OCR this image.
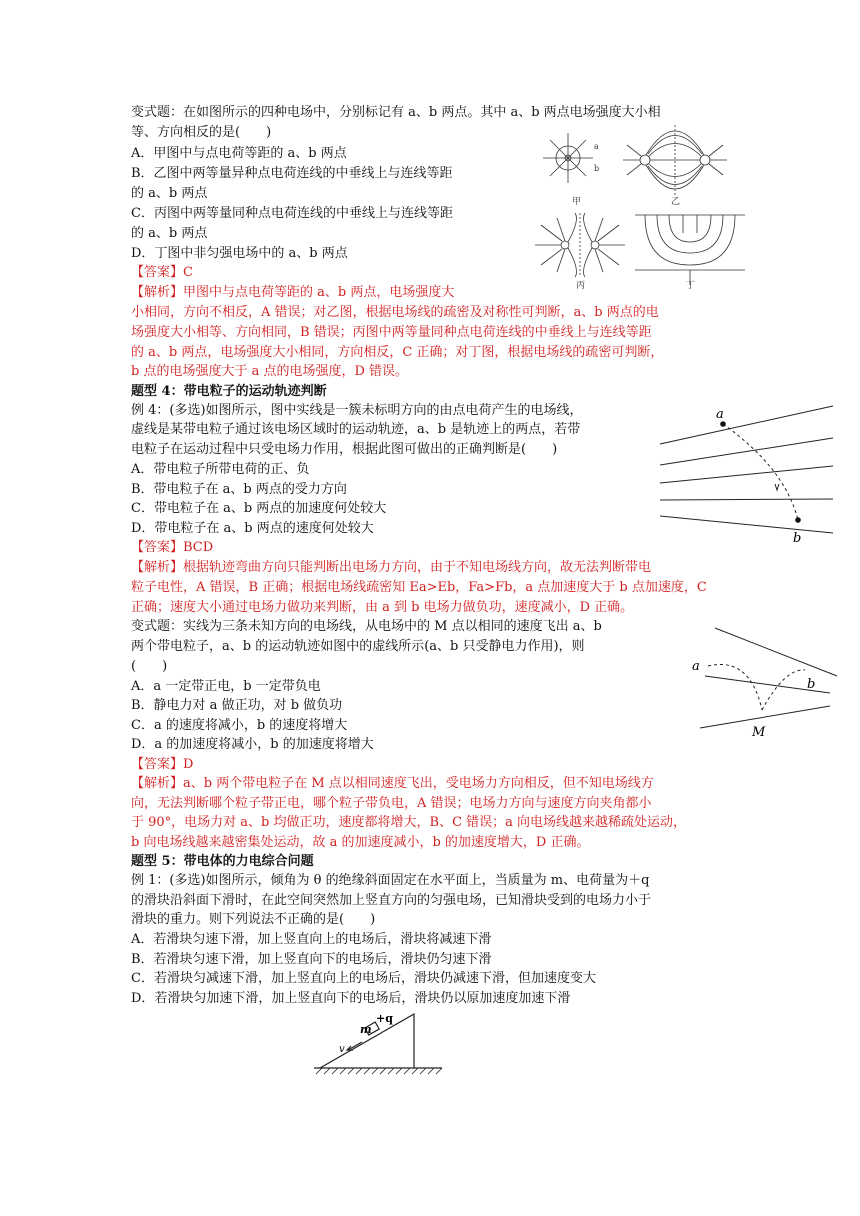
变式题：在如图所示的四种电场中，分别标记有 a、b 两点。其中 a、b 两点电场强度大小相
等、方向相反的是(　　)
A．甲图中与点电荷等距的 a、b 两点
B．乙图中两等量异种点电荷连线的中垂线上与连线等距
的 a、b 两点
C．丙图中两等量同种点电荷连线的中垂线上与连线等距
的 a、b 两点
D．丁图中非匀强电场中的 a、b 两点
【答案】C
【解析】甲图中与点电荷等距的 a、b 两点，电场强度大
小相同，方向不相反，A 错误；对乙图，根据电场线的疏密及对称性可判断，a、b 两点的电
场强度大小相等、方向相同，B 错误；丙图中两等量同种点电荷连线的中垂线上与连线等距
的 a、b 两点，电场强度大小相同，方向相反，C 正确；对丁图，根据电场线的疏密可判断，
b 点的电场强度大于 a 点的电场强度，D 错误。
a
b
甲	乙
丙	丁
题型 4：带电粒子的运动轨迹判断
例 4：(多选)如图所示，图中实线是一簇未标明方向的由点电荷产生的电场线，
虚线是某带电粒子通过该电场区域时的运动轨迹，a、b 是轨迹上的两点，若带
电粒子在运动过程中只受电场力作用，根据此图可做出的正确判断是(　　)
A．带电粒子所带电荷的正、负
B．带电粒子在 a、b 两点的受力方向
C．带电粒子在 a、b 两点的加速度何处较大
D．带电粒子在 a、b 两点的速度何处较大
【答案】BCD
【解析】根据轨迹弯曲方向只能判断出电场力方向，由于不知电场线方向，故无法判断带电
粒子电性，A 错误，B 正确；根据电场线疏密知 Ea>Eb，Fa>Fb，a 点加速度大于 b 点加速度，C
正确；速度大小通过电场力做功来判断，由 a 到 b 电场力做负功，速度减小，D 正确。
a
b
变式题：实线为三条未知方向的电场线，从电场中的 M 点以相同的速度飞出 a、b
两个带电粒子，a、b 的运动轨迹如图中的虚线所示(a、b 只受静电力作用)，则
(　　)
A．a 一定带正电，b 一定带负电
B．静电力对 a 做正功，对 b 做负功
C．a 的速度将减小，b 的速度将增大
D．a 的加速度将减小，b 的加速度将增大
【答案】D
【解析】a、b 两个带电粒子在 M 点以相同速度飞出，受电场力方向相反，但不知电场线方
向，无法判断哪个粒子带正电，哪个粒子带负电，A 错误；电场力方向与速度方向夹角都小
于 90°，电场力对 a、b 均做正功，速度都将增大，B、C 错误；a 向电场线越来越稀疏处运动，
b 向电场线越来越密集处运动，故 a 的加速度减小，b 的加速度增大，D 正确。
a
b
M
题型 5：带电体的力电综合问题
例 1：(多选)如图所示，倾角为 θ 的绝缘斜面固定在水平面上，当质量为 m、电荷量为＋q
的滑块沿斜面下滑时，在此空间突然加上竖直方向的匀强电场，已知滑块受到的电场力小于
滑块的重力。则下列说法不正确的是(　　)
A．若滑块匀速下滑，加上竖直向上的电场后，滑块将减速下滑
B．若滑块匀速下滑，加上竖直向下的电场后，滑块仍匀速下滑
C．若滑块匀减速下滑，加上竖直向上的电场后，滑块仍减速下滑，但加速度变大
D．若滑块匀加速下滑，加上竖直向下的电场后，滑块仍以原加速度加速下滑
+q
m
v
